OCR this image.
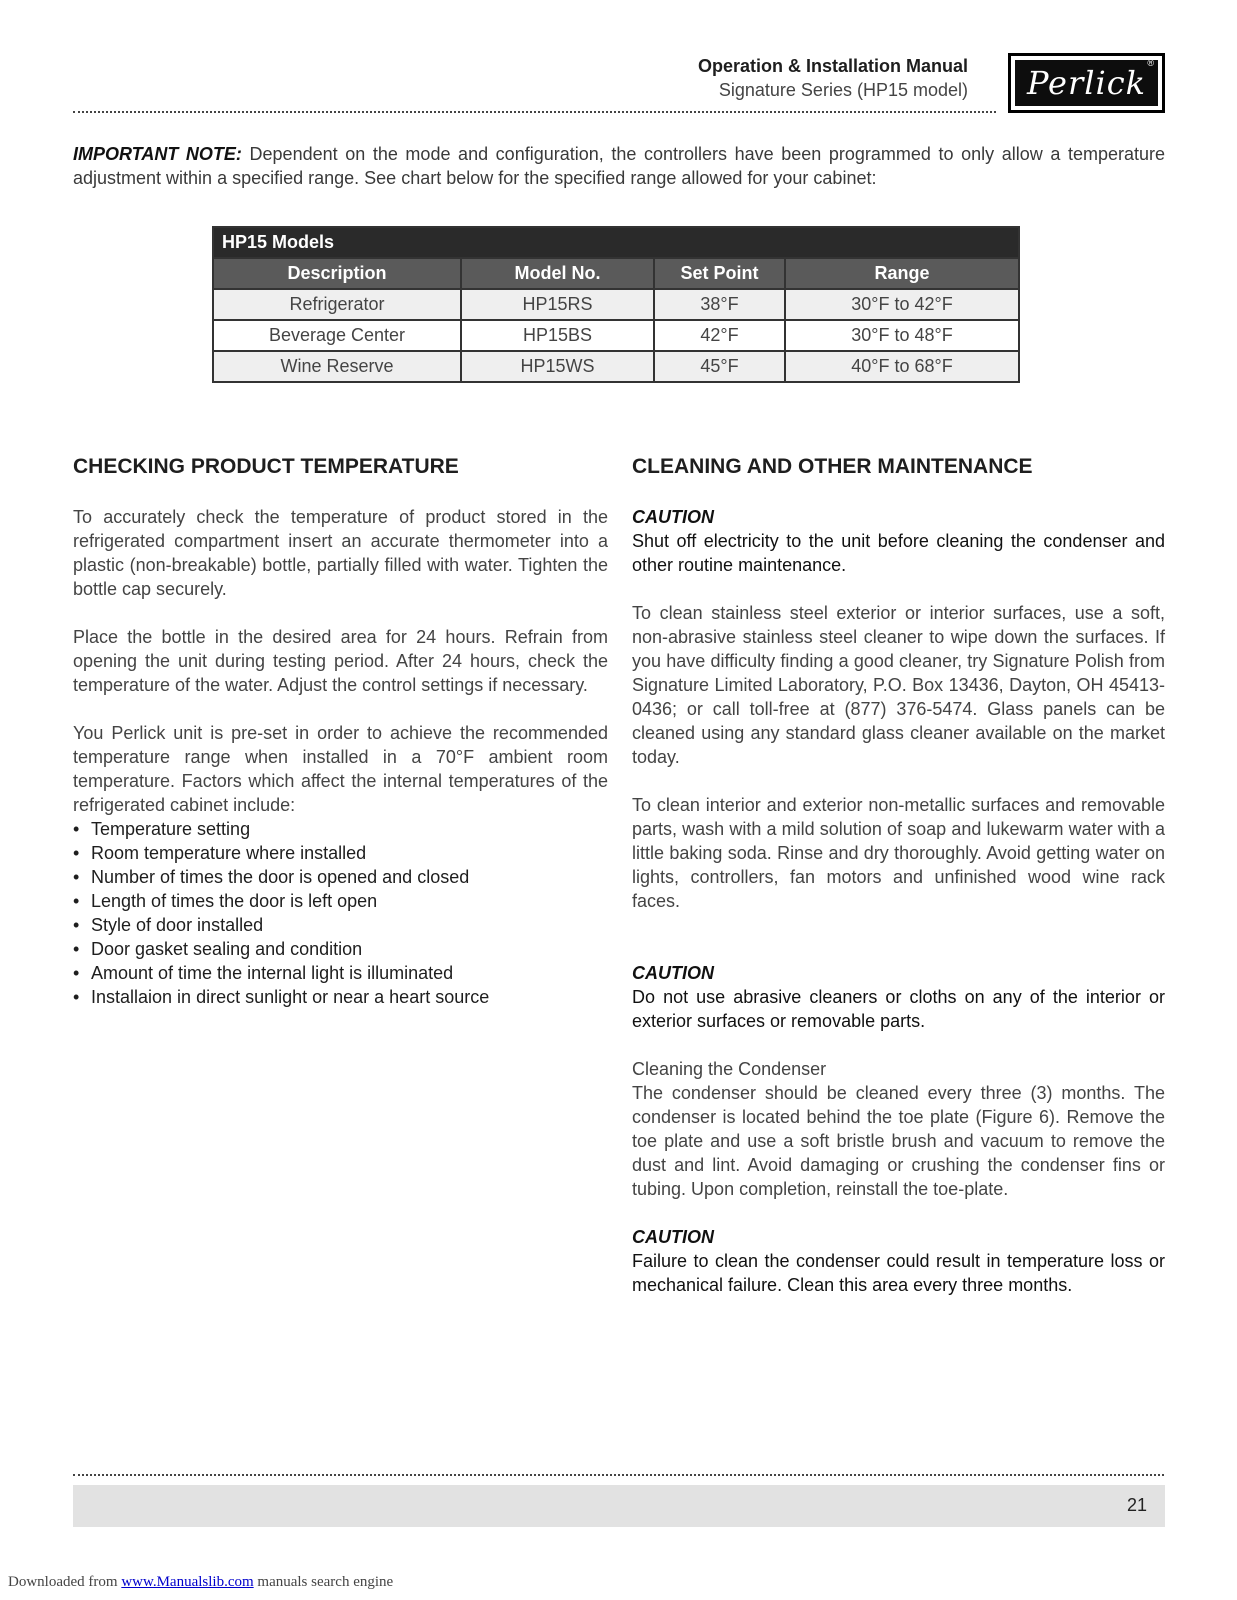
Operation & Installation Manual
Signature Series (HP15 model) Perlick
®
IMPORTANT NOTE: Dependent on the mode and configuration, the controllers have been programmed to only allow a temperature adjustment within a specified range. See chart below for the specified range allowed for your cabinet:
HP15 Models			
Description	Model No.	Set Point	Range
Refrigerator	HP15RS	38°F	30°F to 42°F
Beverage Center	HP15BS	42°F	30°F to 48°F
Wine Reserve	HP15WS	45°F	40°F to 68°F
CHECKING PRODUCT TEMPERATURE

To accurately check the temperature of product stored in the refrigerated compartment insert an accurate thermometer into a plastic (non-breakable) bottle, partially filled with water. Tighten the bottle cap securely.

Place the bottle in the desired area for 24 hours. Refrain from opening the unit during testing period. After 24 hours, check the temperature of the water. Adjust the control settings if necessary.

You Perlick unit is pre-set in order to achieve the recommended temperature range when installed in a 70°F ambient room temperature. Factors which affect the internal temperatures of the refrigerated cabinet include:

• Temperature setting
• Room temperature where installed
• Number of times the door is opened and closed
• Length of times the door is left open
• Style of door installed
• Door gasket sealing and condition
• Amount of time the internal light is illuminated
• Installaion in direct sunlight or near a heart source
CLEANING AND OTHER MAINTENANCE
CAUTION
Shut off electricity to the unit before cleaning the condenser and other routine maintenance.

To clean stainless steel exterior or interior surfaces, use a soft, non-abrasive stainless steel cleaner to wipe down the surfaces. If you have difficulty finding a good cleaner, try Signature Polish from Signature Limited Laboratory, P.O. Box 13436, Dayton, OH 45413-0436; or call toll-free at (877) 376-5474. Glass panels can be cleaned using any standard glass cleaner available on the market today.

To clean interior and exterior non-metallic surfaces and removable parts, wash with a mild solution of soap and lukewarm water with a little baking soda. Rinse and dry thoroughly. Avoid getting water on lights, controllers, fan motors and unfinished wood wine rack faces.

CAUTION
Do not use abrasive cleaners or cloths on any of the interior or exterior surfaces or removable parts.
Cleaning the Condenser

The condenser should be cleaned every three (3) months. The condenser is located behind the toe plate (Figure 6). Remove the toe plate and use a soft bristle brush and vacuum to remove the dust and lint. Avoid damaging or crushing the condenser fins or tubing. Upon completion, reinstall the toe-plate.

CAUTION
Failure to clean the condenser could result in temperature loss or mechanical failure. Clean this area every three months.
21
Downloaded from www.Manualslib.com manuals search engine
